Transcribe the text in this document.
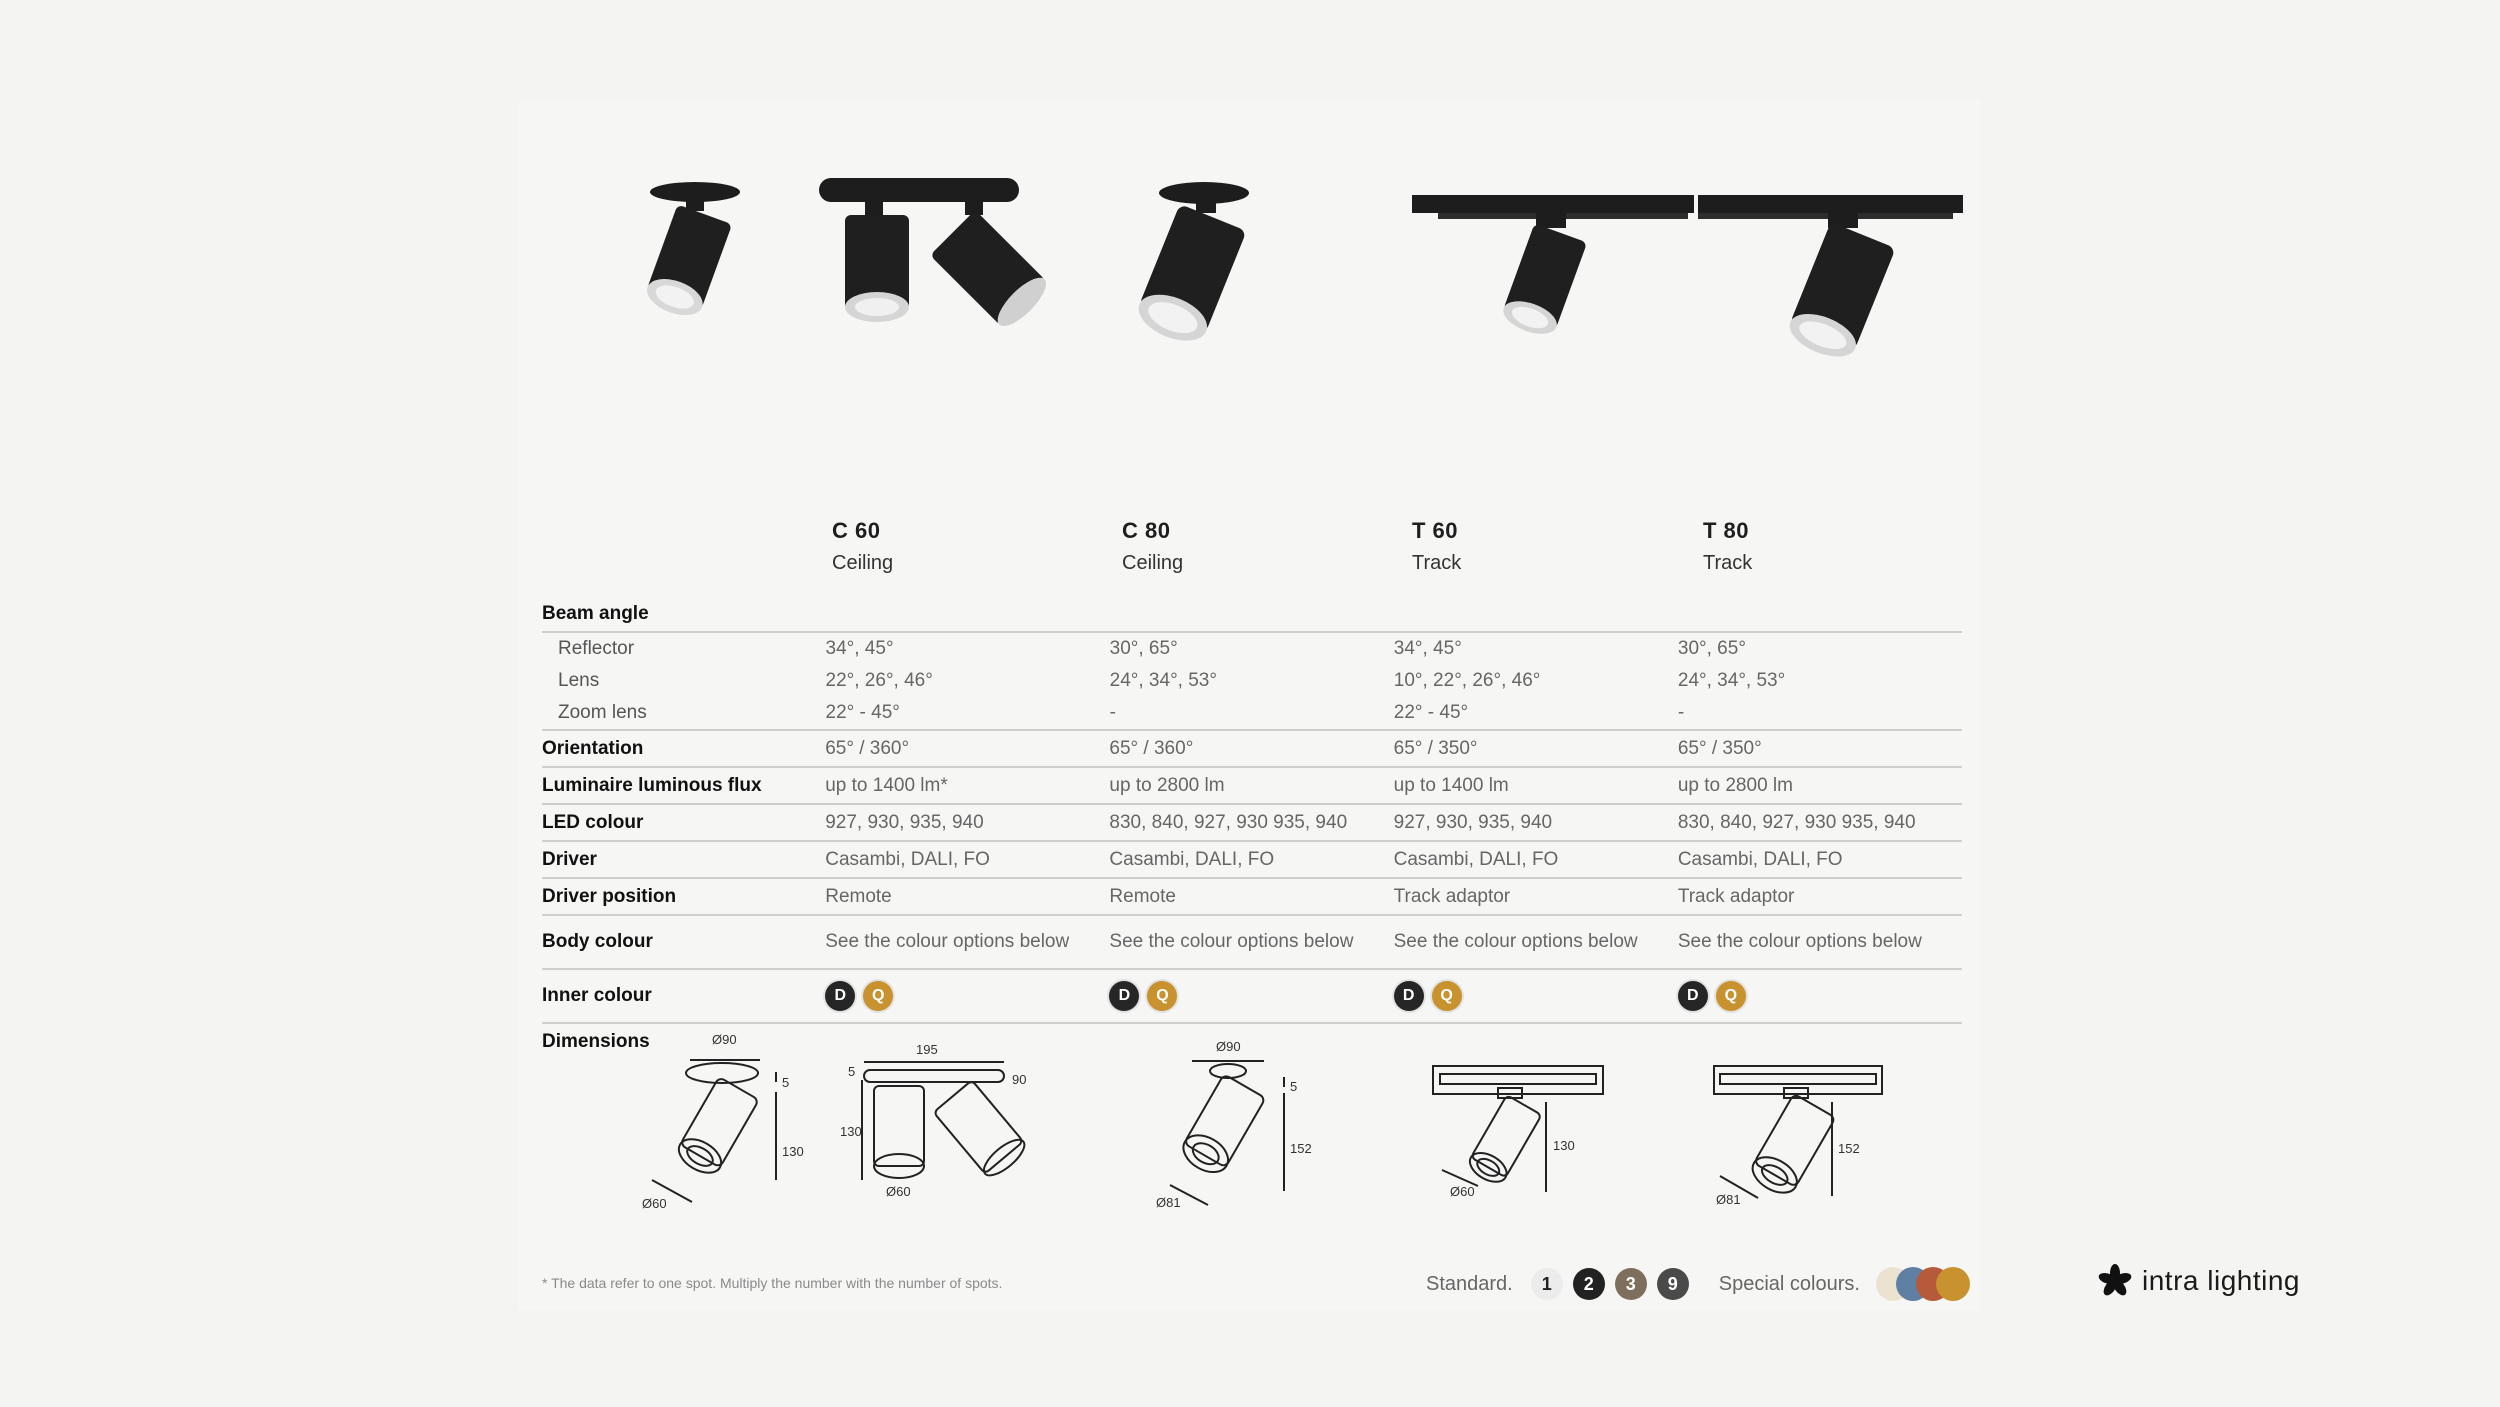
C 60
Ceiling
C 80
Ceiling
T 60
Track
T 80
Track
Beam angle
Reflector	34°, 45°	30°, 65°	34°, 45°	30°, 65°
Lens	22°, 26°, 46°	24°, 34°, 53°	10°, 22°, 26°, 46°	24°, 34°, 53°
Zoom lens	22° - 45°	-	22° - 45°	-
Orientation	65° / 360°	65° / 360°	65° / 350°	65° / 350°
Luminaire luminous flux	up to 1400 lm*	up to 2800 lm	up to 1400 lm	up to 2800 lm
LED colour	927, 930, 935, 940	830, 840, 927, 930 935, 940	927, 930, 935, 940	830, 840, 927, 930 935, 940
Driver	Casambi, DALI, FO	Casambi, DALI, FO	Casambi, DALI, FO	Casambi, DALI, FO
Driver position	Remote	Remote	Track adaptor	Track adaptor
Body colour	See the colour options below	See the colour options below	See the colour options below	See the colour options below
Inner colour	D	Q	D	Q	D	Q	D	Q
Dimensions	Ø90
5
130
Ø60
195
5
90
130
Ø60
Ø90
5
152
Ø81
130
Ø60
152
Ø81
* The data refer to one spot. Multiply the number with the number of spots.	Standard.	1	2	3	9	Special colours.	intra lighting
